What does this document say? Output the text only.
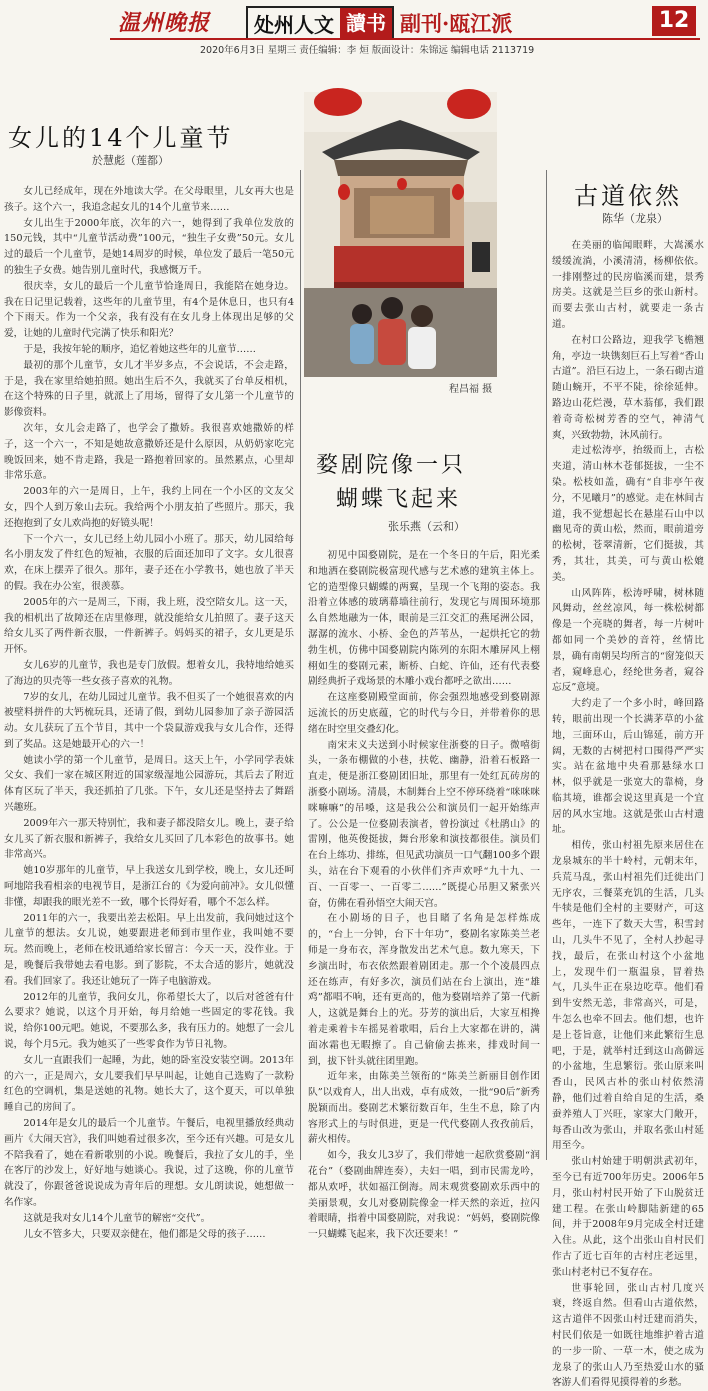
温州晚报	处州人文 讀书 副刊·瓯江派	12
2020年6月3日 星期三 责任编辑：李 烜 版面设计：朱锦远 编辑电话 2113719
女儿的14个儿童节
於慧彪（莲都）

女儿已经成年，现在外地读大学。在父母眼里，儿女再大也是孩子。这个六一，我追念起女儿的14个儿童节来……

女儿出生于2000年底，次年的六一，她得到了我单位发放的150元钱，其中“儿童节活动费”100元，“独生子女费”50元。女儿过的最后一个儿童节，是她14周岁的时候，单位发了最后一笔50元的独生子女费。她告别儿童时代，我感慨万千。

很庆幸，女儿的最后一个儿童节恰逢周日，我能陪在她身边。我在日记里记载着，这些年的儿童节里，有4个是休息日，也只有4个下雨天。作为一个父亲，我有没有在女儿身上体现出足够的父爱，让她的儿童时代完满了快乐和阳光？

于是，我按年轮的顺序，追忆着她这些年的儿童节……

最初的那个儿童节，女儿才半岁多点，不会说话，不会走路，于是，我在家里给她拍照。她出生后不久，我就买了台单反相机，在这个特殊的日子里，就派上了用场，留得了女儿第一个儿童节的影像资料。

次年，女儿会走路了，也学会了撒娇。我很喜欢她撒娇的样子，这一个六一，不知是她故意撒娇还是什么原因，从奶奶家吃完晚饭回来，她不肯走路，我是一路抱着回家的。虽然累点，心里却非常乐意。

2003年的六一是周日，上午，我约上同在一个小区的文友父女，四个人到万象山去玩。我给两个小朋友拍了些照片。那天，我还抱抱到了女儿欢尚抱的好镜头呢！

下一个六一，女儿已经上幼儿园小小班了。那天，幼儿园给每名小朋友发了件红色的短袖，衣服的后面还加印了文字。女儿很喜欢，在床上摆弄了很久。那年，妻子还在小学教书，她也放了半天的假。我在办公室，很羡慕。

2005年的六一是周三，下雨，我上班，没空陪女儿。这一天，我的相机出了故障还在店里修理，就没能给女儿拍照了。妻子这天给女儿买了两件新衣服，一件新裤子。妈妈买的裙子，女儿更是乐开怀。

女儿6岁的儿童节，我也是专门放假。想着女儿，我特地给她买了海边的贝壳等一些女孩子喜欢的礼物。

7岁的女儿，在幼儿园过儿童节。我不但买了一个她很喜欢的内被壁料拼件的大钙梳玩具，还请了假，到幼儿园参加了亲子游园活动。女儿获玩了五个节目，其中一个袋鼠游戏我与女儿合作，还得到了奖品。这是她最开心的六一！

她读小学的第一个儿童节，是周日。这天上午，小学同学表妹父女、我们一家在城区附近的国家级湿地公园游玩，其后去了附近体育区玩了半天，我还抓拍了几张。下午，女儿还是坚持去了舞蹈兴趣班。

2009年六一那天特别忙，我和妻子都没陪女儿。晚上，妻子给女儿买了新衣服和新裤子，我给女儿买回了几本彩色的故事书。她非常高兴。

她10岁那年的儿童节，早上我送女儿到学校，晚上，女儿还呵呵地陪我看相亲的电视节目，是浙江台的《为爱向前冲》。女儿似懂非懂，却跟我的眼光差不一致，哪个长得好看，哪个不怎么样。

2011年的六一，我要出差去松阳。早上出发前，我问她过这个儿童节的想法。女儿说，她要跟进老师到市里作业，我叫她不要玩。然而晚上，老师在校讯通给家长留言：今天一天，没作业。于是，晚餐后我带她去看电影。到了影院，不太合适的影片，她就没看。我们回家了。我还让她玩了一阵子电脑游戏。

2012年的儿童节，我问女儿，你希望长大了，以后对爸爸有什么要求？她说，以这个月开始，每月给她一些固定的零花钱。我说，给你100元吧。她说，不要那么多，我有压力的。她想了一会儿说，每个月5元。我为她买了一些零食作为节日礼物。

女儿一直跟我们一起睡，为此，她的卧室没安装空调。2013年的六一，正是周六，女儿要我们早早叫起，让她自己选购了一款粉红色的空调机，集是送她的礼物。她长大了，这个夏天，可以单独睡自己的房间了。

2014年是女儿的最后一个儿童节。午餐后，电视里播放经典动画片《大闹天宫》，我们叫她看过很多次，至今还有兴趣。可是女儿不陪我看了，她在看新歌别的小说。晚餐后，我拉了女儿的手，坐在客厅的沙发上，好好地与她谈心。我说，过了这晚，你的儿童节就没了，你跟爸爸说说成为青年后的理想。女儿朗读说，她想做一名作家。

这就是我对女儿14个儿童节的解密“交代”。

儿女不管多大，只要双亲健在，他们都是父母的孩子……

程昌福 摄
婺剧院像一只
蝴蝶飞起来
张乐燕（云和）

初见中国婺剧院，是在一个冬日的午后，阳光柔和地洒在婺剧院极富现代感与艺术感的建筑主体上。它的造型像只蝴蝶的两翼，呈现一个飞翔的姿态。我沿着立体感的玻璃幕墙往前行，发现它与周围环境那么自然地融为一体，眼前是三江交汇的燕尾洲公园，潺潺的流水、小桥、金色的芦苇丛，一起烘托它的勃勃生机，仿佛中国婺剧院内陈列的东阳木雕屏风上栩栩如生的婺剧元素，断桥、白蛇、许仙，还有代表婺剧经典折子戏场景的木雕小戏台都呼之欲出……

在这座婺剧殿堂面前，你会强烈地感受到婺剧源远流长的历史底蕴，它的时代与今日，并带着你的思绪在时空里交叠幻化。

南宋末义夫送到小时候家住浙婺的日子。微嘻街头，一条布棚做的小巷，扶乾、幽静，沿着石板路一直走，便是浙江婺剧团旧址，那里有一处红瓦砖房的浙婺小剧场。清晨，木制舞台上空不停环绕着“咪咪咪咪嘛嘛”的吊嗓，这是我公公和演员们一起开始练声了。公公是一位婺剧表演者，曾扮演过《杜鹃山》的雷刚，他英俊挺拔，舞台形象和演技都很佳。演员们在台上练功、排练，但见武功演员一口气翻100多个跟头，站在台下观看的小伙伴们齐声欢呼“九十九、一百、一百零一、一百零二……”既提心吊胆又紧张兴奋，仿佛在看孙悟空大闹天宫。

在小剧场的日子，也目睹了名角是怎样炼成的，“台上一分钟，台下十年功”，婺剧名家陈美兰老师是一身布衣，浑身散发出艺术气息。数九寒天，下乡演出时，布衣依然跟着剧团走。那一个个凌晨四点还在练声，有好多次，演员们站在台上演出，连“雄鸡”都唱不响，还有更高的，他为婺剧培养了第一代新人，这就是舞台上的光。芬芳的演出后，大家互相搀着走乘着卡车摇晃着歌唱，后台上大家都在讲的，满面冰霜也无暇擦了。自己偷偷去拣来，排戏时间一到，拔下针头就往团里跑。

近年来，由陈美兰领衔的“陈美兰新丽目创作团队”以戏育人，出人出戏，卓有成效，一批“90后”新秀脱颖而出。婺剧艺术繁衍数百年，生生不息，除了内容形式上的与时俱进，更是一代代婺剧人孜孜前后，薪火相传。

如今，我女儿3岁了，我们带她一起欣赏婺剧“润花台”（婺剧曲牌连奏），夫妇一唱，到市民需龙吟，都从欢呼，状如福江倒海。周末观赏婺剧欢乐西中的美丽景观，女儿对婺剧院像金一样天然的亲近，拉闪着眼睛，指着中国婺剧院，对我说：“妈妈，婺剧院像一只蝴蝶飞起来，我下次还要来！”

古道依然
陈华（龙泉）

在美丽的临闻眼畔，大嵩溪水缓缓流淌，小溪清清，杨柳依依。一排刚整过的民房临溪而建，景秀房美。这就是兰巨乡的张山新村。而要去张山古村，就要走一条古道。

在村口公路边，迎我学飞檐翘角，亭边一块镌刻巨石上写着“香山古道”。沿巨石边上，一条石砌古道随山蜿开，不平不陡，徐徐延伸。路边山花烂漫，草木蓊郁，我们跟着奇奇松树芳香的空气，神清气爽，兴致勃勃，沐风前行。

走过松涛亭，抬级而上，古松夹道，清山林木苍郁挺拔，一尘不染。松枝如盖，确有“自非亭午夜分，不见曦月”的感觉。走在林间古道，我不觉想起长在悬崖石山中以幽见奇的黄山松，然而，眼前道旁的松树，苍翠清新，它们挺拔，其秀，其壮，其美，可与黄山松媲美。

山风阵阵，松涛呼啸，树林随风舞动，丝丝凉风，每一株松树都像是一个亮晓的舞者，每一片树叶都如同一个美妙的音符，丝情比景，确有南朝吴均所言的“窗笼似天者，窥峰息心，经纶世务者，窥谷忘反”意境。

大约走了一个多小时，峰回路转，眼前出现一个长满茅草的小盆地，三面环山，后山锦延，前方开阔，无数的古树把村口围得严严实实。站在盆地中央看那悬绿水口林，似乎就是一张宽大的靠椅，身临其境，谁都会说这里真是一个宜居的风水宝地。这就是张山古村遗址。

相传，张山村祖先原来居住在龙泉城东的半十岭村，元朝末年，兵荒马乱，张山村祖先们迁徙出门无序农，三餐菜充饥的生活，几头牛犊是他们全村的主要财产，可这些年，一连下了数天大雪，积雪封山，几头牛不见了，全村人抄起寻找，最后，在张山村这个小盆地上，发现牛们一瓶温泉，冒着热气，几头牛正在泉边吃草。他们看到牛安然无恙，非常高兴，可是，牛怎么也牵不回去。他们想，也许是上苍旨意，让他们来此繁衍生息吧，于是，就举村迁到这山高僻远的小盆地，生息繁衍。张山原来叫香山，民风古朴的张山村依然清静，他们过着自给自足的生活，桑蚕养殖人丁兴旺，家家大门敞开，每香山改为张山，并取名张山村延用至今。

张山村始建于明朝洪武初年，至今已有近700年历史。2006年5月，张山村村民开始了下山脱贫迁建工程。在张山岭脚陆新建的65间，并于2008年9月完成全村迁建入住。从此，这个出张山自村民们作古了近七百年的古村庄老远里，张山村老村已不复存在。

世事轮回，张山古村几度兴衰，终返自然。但看山古道依然，这古道伴不因张山村迁建而消失，村民们依是一如既往地维护着古道的一步一阶、一草一木，使之成为龙泉了的张山人乃至热爱山水的骚客游人们看得见摸得着的乡愁。
